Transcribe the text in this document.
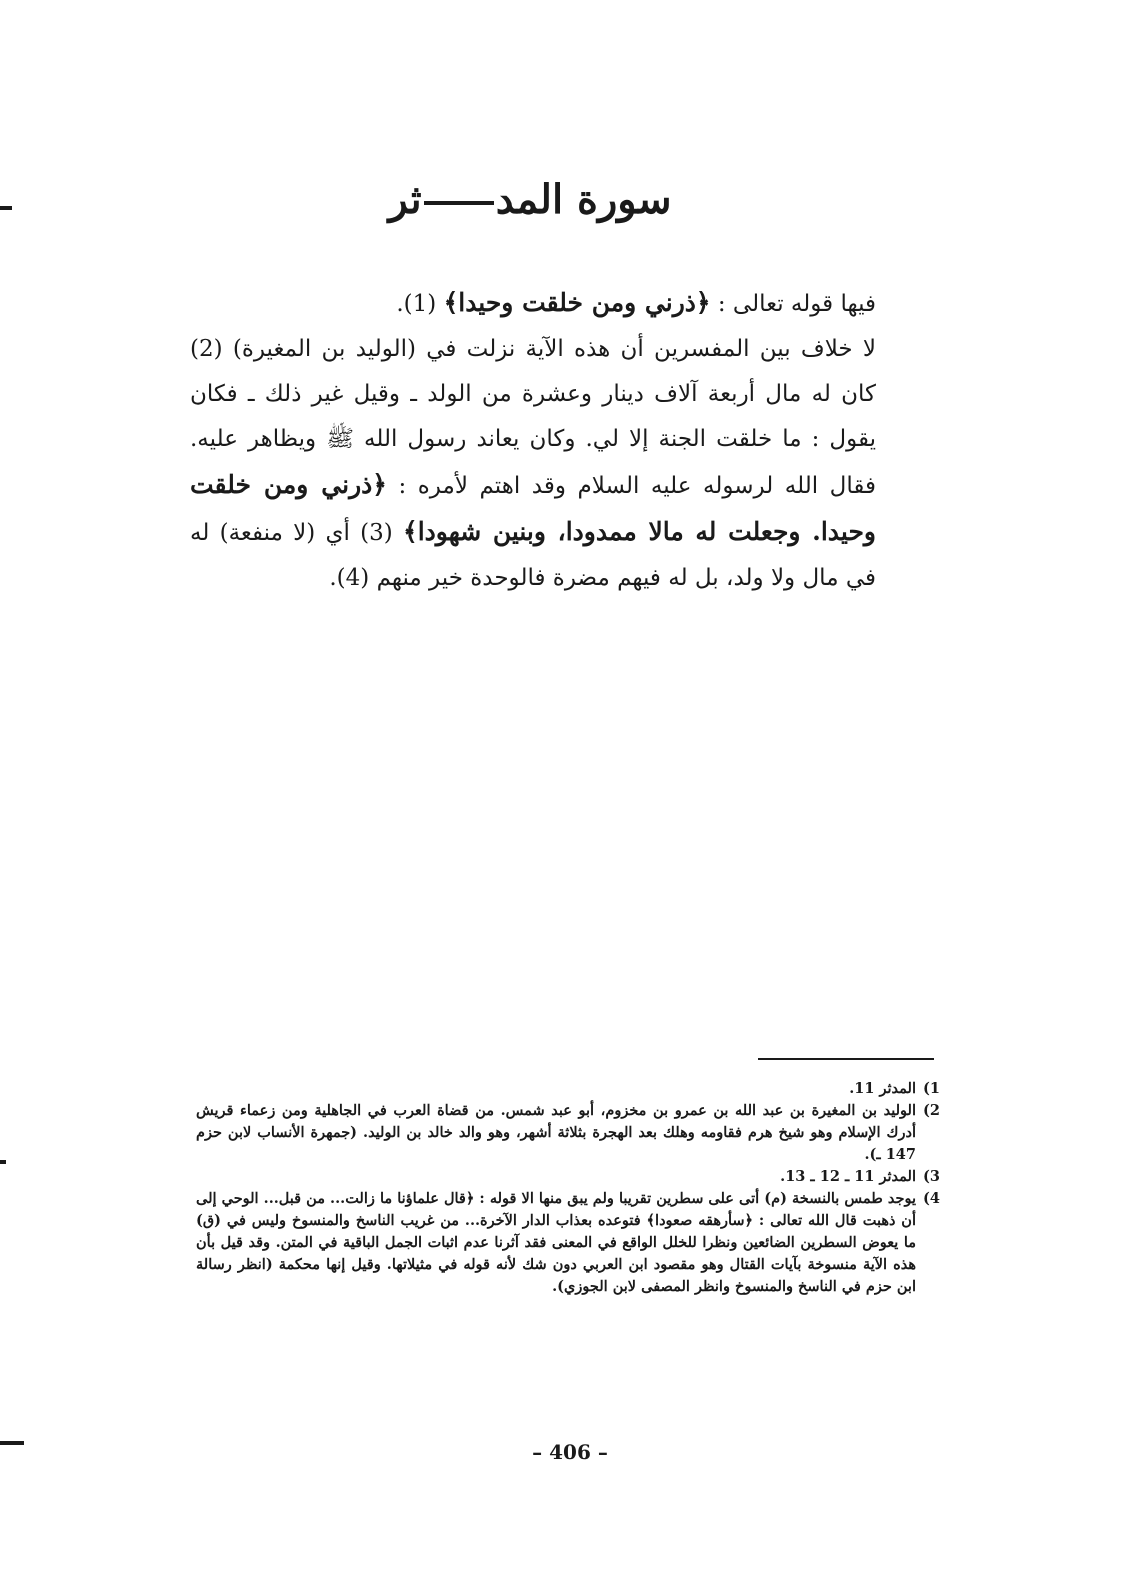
سورة المدثر

فيها قوله تعالى : ﴿ذرني ومن خلقت وحيدا﴾ (1).

لا خلاف بين المفسرين أن هذه الآية نزلت في (الوليد بن المغيرة) (2) كان له مال أربعة آلاف دينار وعشرة من الولد ـ وقيل غير ذلك ـ فكان يقول : ما خلقت الجنة إلا لي. وكان يعاند رسول الله ﷺ ويظاهر عليه. فقال الله لرسوله عليه السلام وقد اهتم لأمره : ﴿ذرني ومن خلقت وحيدا. وجعلت له مالا ممدودا، وبنين شهودا﴾ (3) أي (لا منفعة) له في مال ولا ولد، بل له فيهم مضرة فالوحدة خير منهم (4).

1)
المدثر 11.
2)
الوليد بن المغيرة بن عبد الله بن عمرو بن مخزوم، أبو عبد شمس. من قضاة العرب في الجاهلية ومن زعماء قريش أدرك الإسلام وهو شيخ هرم فقاومه وهلك بعد الهجرة بثلاثة أشهر، وهو والد خالد بن الوليد. (جمهرة الأنساب لابن حزم 147 ـ).
3)
المدثر 11 ـ 12 ـ 13.
4)
يوجد طمس بالنسخة (م) أتى على سطرين تقريبا ولم يبق منها الا قوله : ﴿قال علماؤنا ما زالت... من قبل... الوحي إلى أن ذهبت قال الله تعالى : ﴿سأرهقه صعودا﴾ فتوعده بعذاب الدار الآخرة... من غريب الناسخ والمنسوخ وليس في (ق) ما يعوض السطرين الضائعين ونظرا للخلل الواقع في المعنى فقد آثرنا عدم اثبات الجمل الباقية في المتن. وقد قيل بأن هذه الآية منسوخة بآيات القتال وهو مقصود ابن العربي دون شك لأنه قوله في مثيلاتها. وقيل إنها محكمة (انظر رسالة ابن حزم في الناسخ والمنسوخ وانظر المصفى لابن الجوزي).
– 406 –
